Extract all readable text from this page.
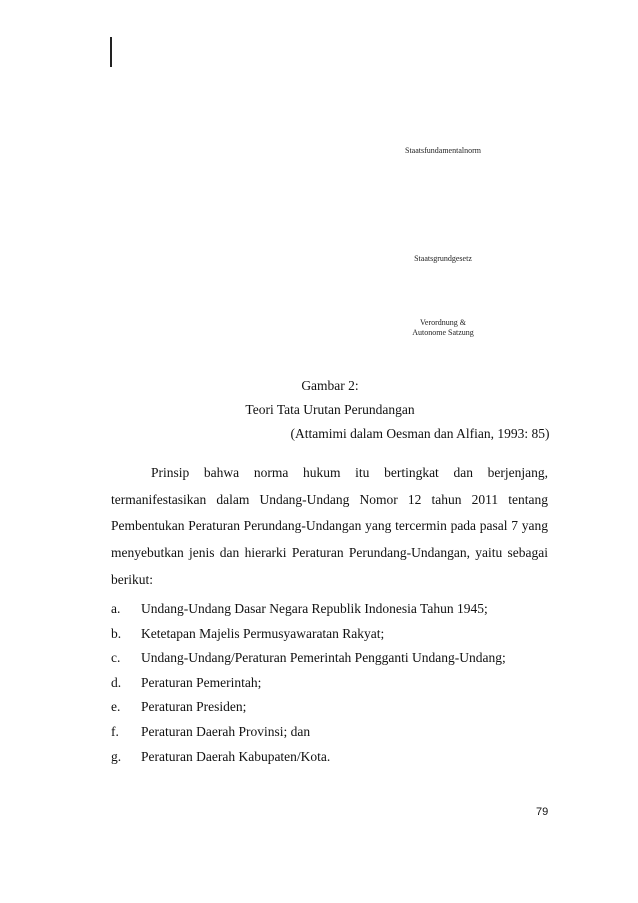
Staatsfundamentalnorm
Staatsgrundgesetz
Verordnung &
Autonome Satzung
Gambar 2:
Teori Tata Urutan Perundangan
(Attamimi dalam Oesman dan Alfian, 1993: 85)
Prinsip bahwa norma hukum itu bertingkat dan berjenjang, termanifestasikan dalam Undang-Undang Nomor 12 tahun 2011 tentang Pembentukan Peraturan Perundang-Undangan yang tercermin pada pasal 7 yang menyebutkan jenis dan hierarki Peraturan Perundang-Undangan, yaitu sebagai berikut:
a. Undang-Undang Dasar Negara Republik Indonesia Tahun 1945;
b. Ketetapan Majelis Permusyawaratan Rakyat;
c. Undang-Undang/Peraturan Pemerintah Pengganti Undang-Undang;
d. Peraturan Pemerintah;
e. Peraturan Presiden;
f. Peraturan Daerah Provinsi; dan
g. Peraturan Daerah Kabupaten/Kota.
79
